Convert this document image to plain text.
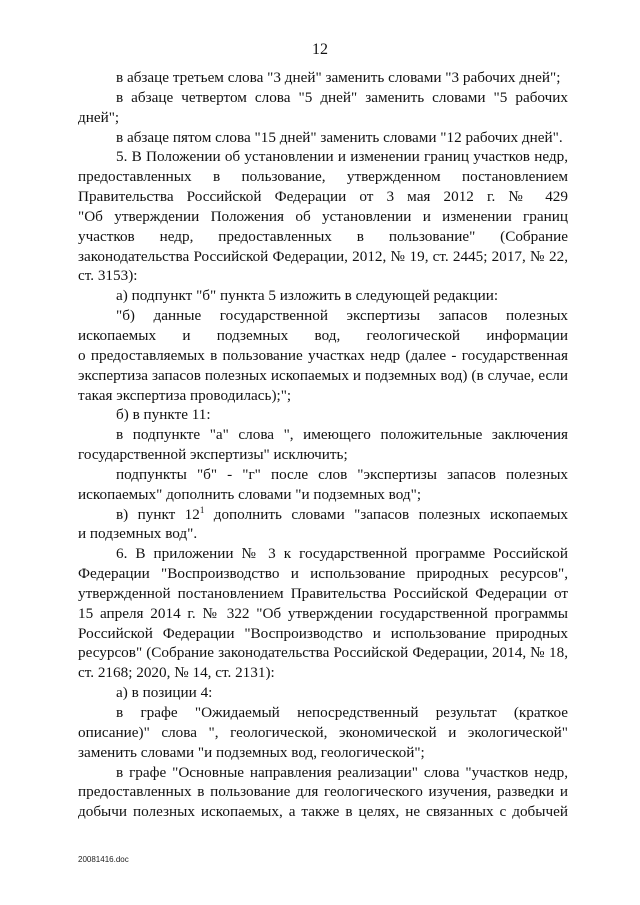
12
в абзаце третьем слова "3 дней" заменить словами "3 рабочих дней";
в абзаце четвертом слова "5 дней" заменить словами "5 рабочих
дней";
в абзаце пятом слова "15 дней" заменить словами "12 рабочих дней".
5. В Положении об установлении и изменении границ участков недр,
предоставленных в пользование, утвержденном постановлением
Правительства Российской Федерации от 3 мая 2012 г. № 429
"Об утверждении Положения об установлении и изменении границ
участков недр, предоставленных в пользование" (Собрание
законодательства Российской Федерации, 2012, № 19, ст. 2445; 2017, № 22,
ст. 3153):
а) подпункт "б" пункта 5 изложить в следующей редакции:
"б) данные государственной экспертизы запасов полезных
ископаемых и подземных вод, геологической информации
о предоставляемых в пользование участках недр (далее - государственная
экспертиза запасов полезных ископаемых и подземных вод) (в случае, если
такая экспертиза проводилась);";
б) в пункте 11:
в подпункте "а" слова ", имеющего положительные заключения
государственной экспертизы" исключить;
подпункты "б" - "г" после слов "экспертизы запасов полезных
ископаемых" дополнить словами "и подземных вод";
в) пункт $12^1$ дополнить словами "запасов полезных ископаемых
и подземных вод".
6. В приложении № 3 к государственной программе Российской
Федерации "Воспроизводство и использование природных ресурсов",
утвержденной постановлением Правительства Российской Федерации от
15 апреля 2014 г. № 322 "Об утверждении государственной программы
Российской Федерации "Воспроизводство и использование природных
ресурсов" (Собрание законодательства Российской Федерации, 2014, № 18,
ст. 2168; 2020, № 14, ст. 2131):
а) в позиции 4:
в графе "Ожидаемый непосредственный результат (краткое
описание)" слова ", геологической, экономической и экологической"
заменить словами "и подземных вод, геологической";
в графе "Основные направления реализации" слова "участков недр,
предоставленных в пользование для геологического изучения, разведки и
добычи полезных ископаемых, а также в целях, не связанных с добычей
20081416.doc
